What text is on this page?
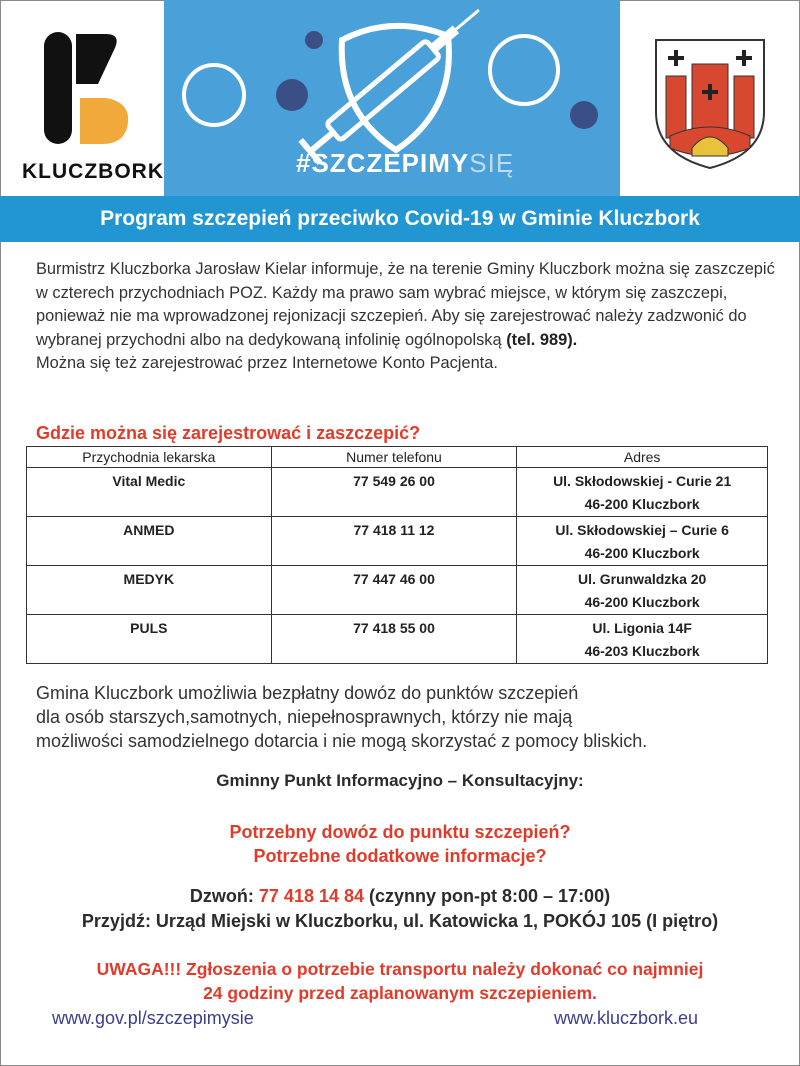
KLUCZBORK	#SZCZEPIMYSIĘ
Program szczepień przeciwko Covid-19 w Gminie Kluczbork
Burmistrz Kluczborka Jarosław Kielar informuje, że na terenie Gminy Kluczbork można się zaszczepić w czterech przychodniach POZ. Każdy ma prawo sam wybrać miejsce, w którym się zaszczepi, ponieważ nie ma wprowadzonej rejonizacji szczepień. Aby się zarejestrować należy zadzwonić do wybranej przychodni albo na dedykowaną infolinię ogólnopolską (tel. 989).
Można się też zarejestrować przez Internetowe Konto Pacjenta.
Gdzie można się zarejestrować i zaszczepić?
Przychodnia lekarska	Numer telefonu	Adres
Vital Medic	77 549 26 00	Ul. Skłodowskiej - Curie 21
46-200 Kluczbork
ANMED	77 418 11 12	Ul. Skłodowskiej – Curie 6
46-200 Kluczbork
MEDYK	77 447 46 00	Ul. Grunwaldzka 20
46-200 Kluczbork
PULS	77 418 55 00	Ul. Ligonia 14F
46-203 Kluczbork
Gmina Kluczbork umożliwia bezpłatny dowóz do punktów szczepień
dla osób starszych,samotnych, niepełnosprawnych, którzy nie mają
możliwości samodzielnego dotarcia i nie mogą skorzystać z pomocy bliskich.
Gminny Punkt Informacyjno – Konsultacyjny:
Potrzebny dowóz do punktu szczepień?
Potrzebne dodatkowe informacje?
Dzwoń: 77 418 14 84 (czynny pon-pt 8:00 – 17:00)
Przyjdź: Urząd Miejski w Kluczborku, ul. Katowicka 1, POKÓJ 105 (I piętro)
UWAGA!!! Zgłoszenia o potrzebie transportu należy dokonać co najmniej
24 godziny przed zaplanowanym szczepieniem.
www.gov.pl/szczepimysie	www.kluczbork.eu
